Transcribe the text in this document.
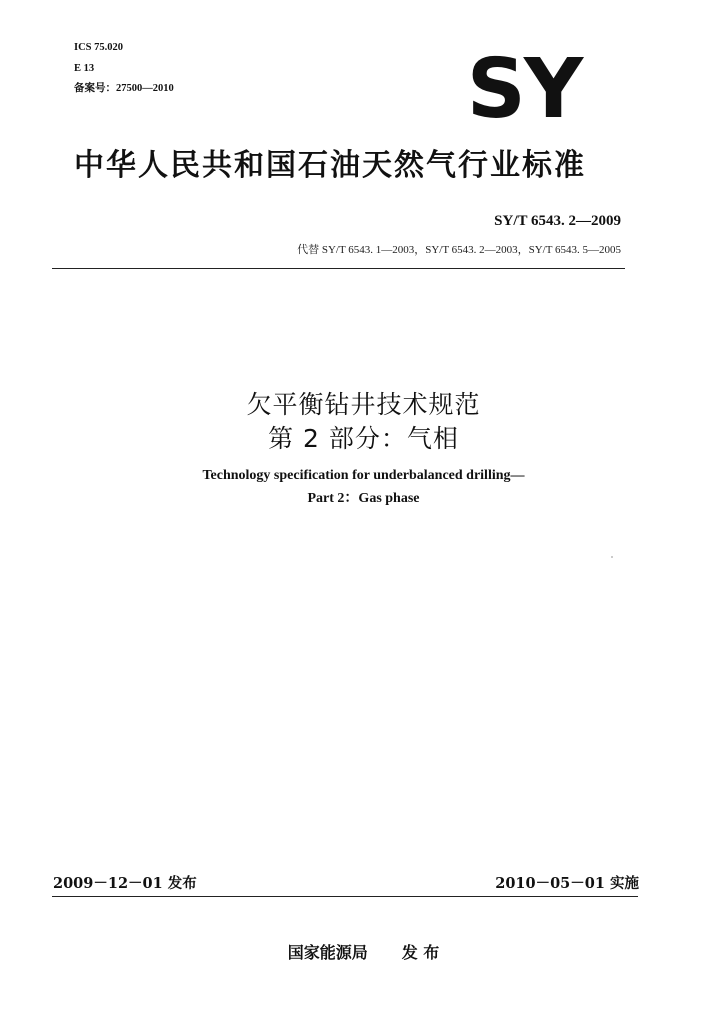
ICS 75.020
E 13
备案号：27500—2010	SY
中华人民共和国石油天然气行业标准
SY/T 6543. 2—2009
代替 SY/T 6543. 1—2003，SY/T 6543. 2—2003，SY/T 6543. 5—2005
欠平衡钻井技术规范
第 2 部分：气相
Technology specification for underbalanced drilling—
Part 2：Gas phase
2009－12－01 发布	2010－05－01 实施
国家能源局 发 布
